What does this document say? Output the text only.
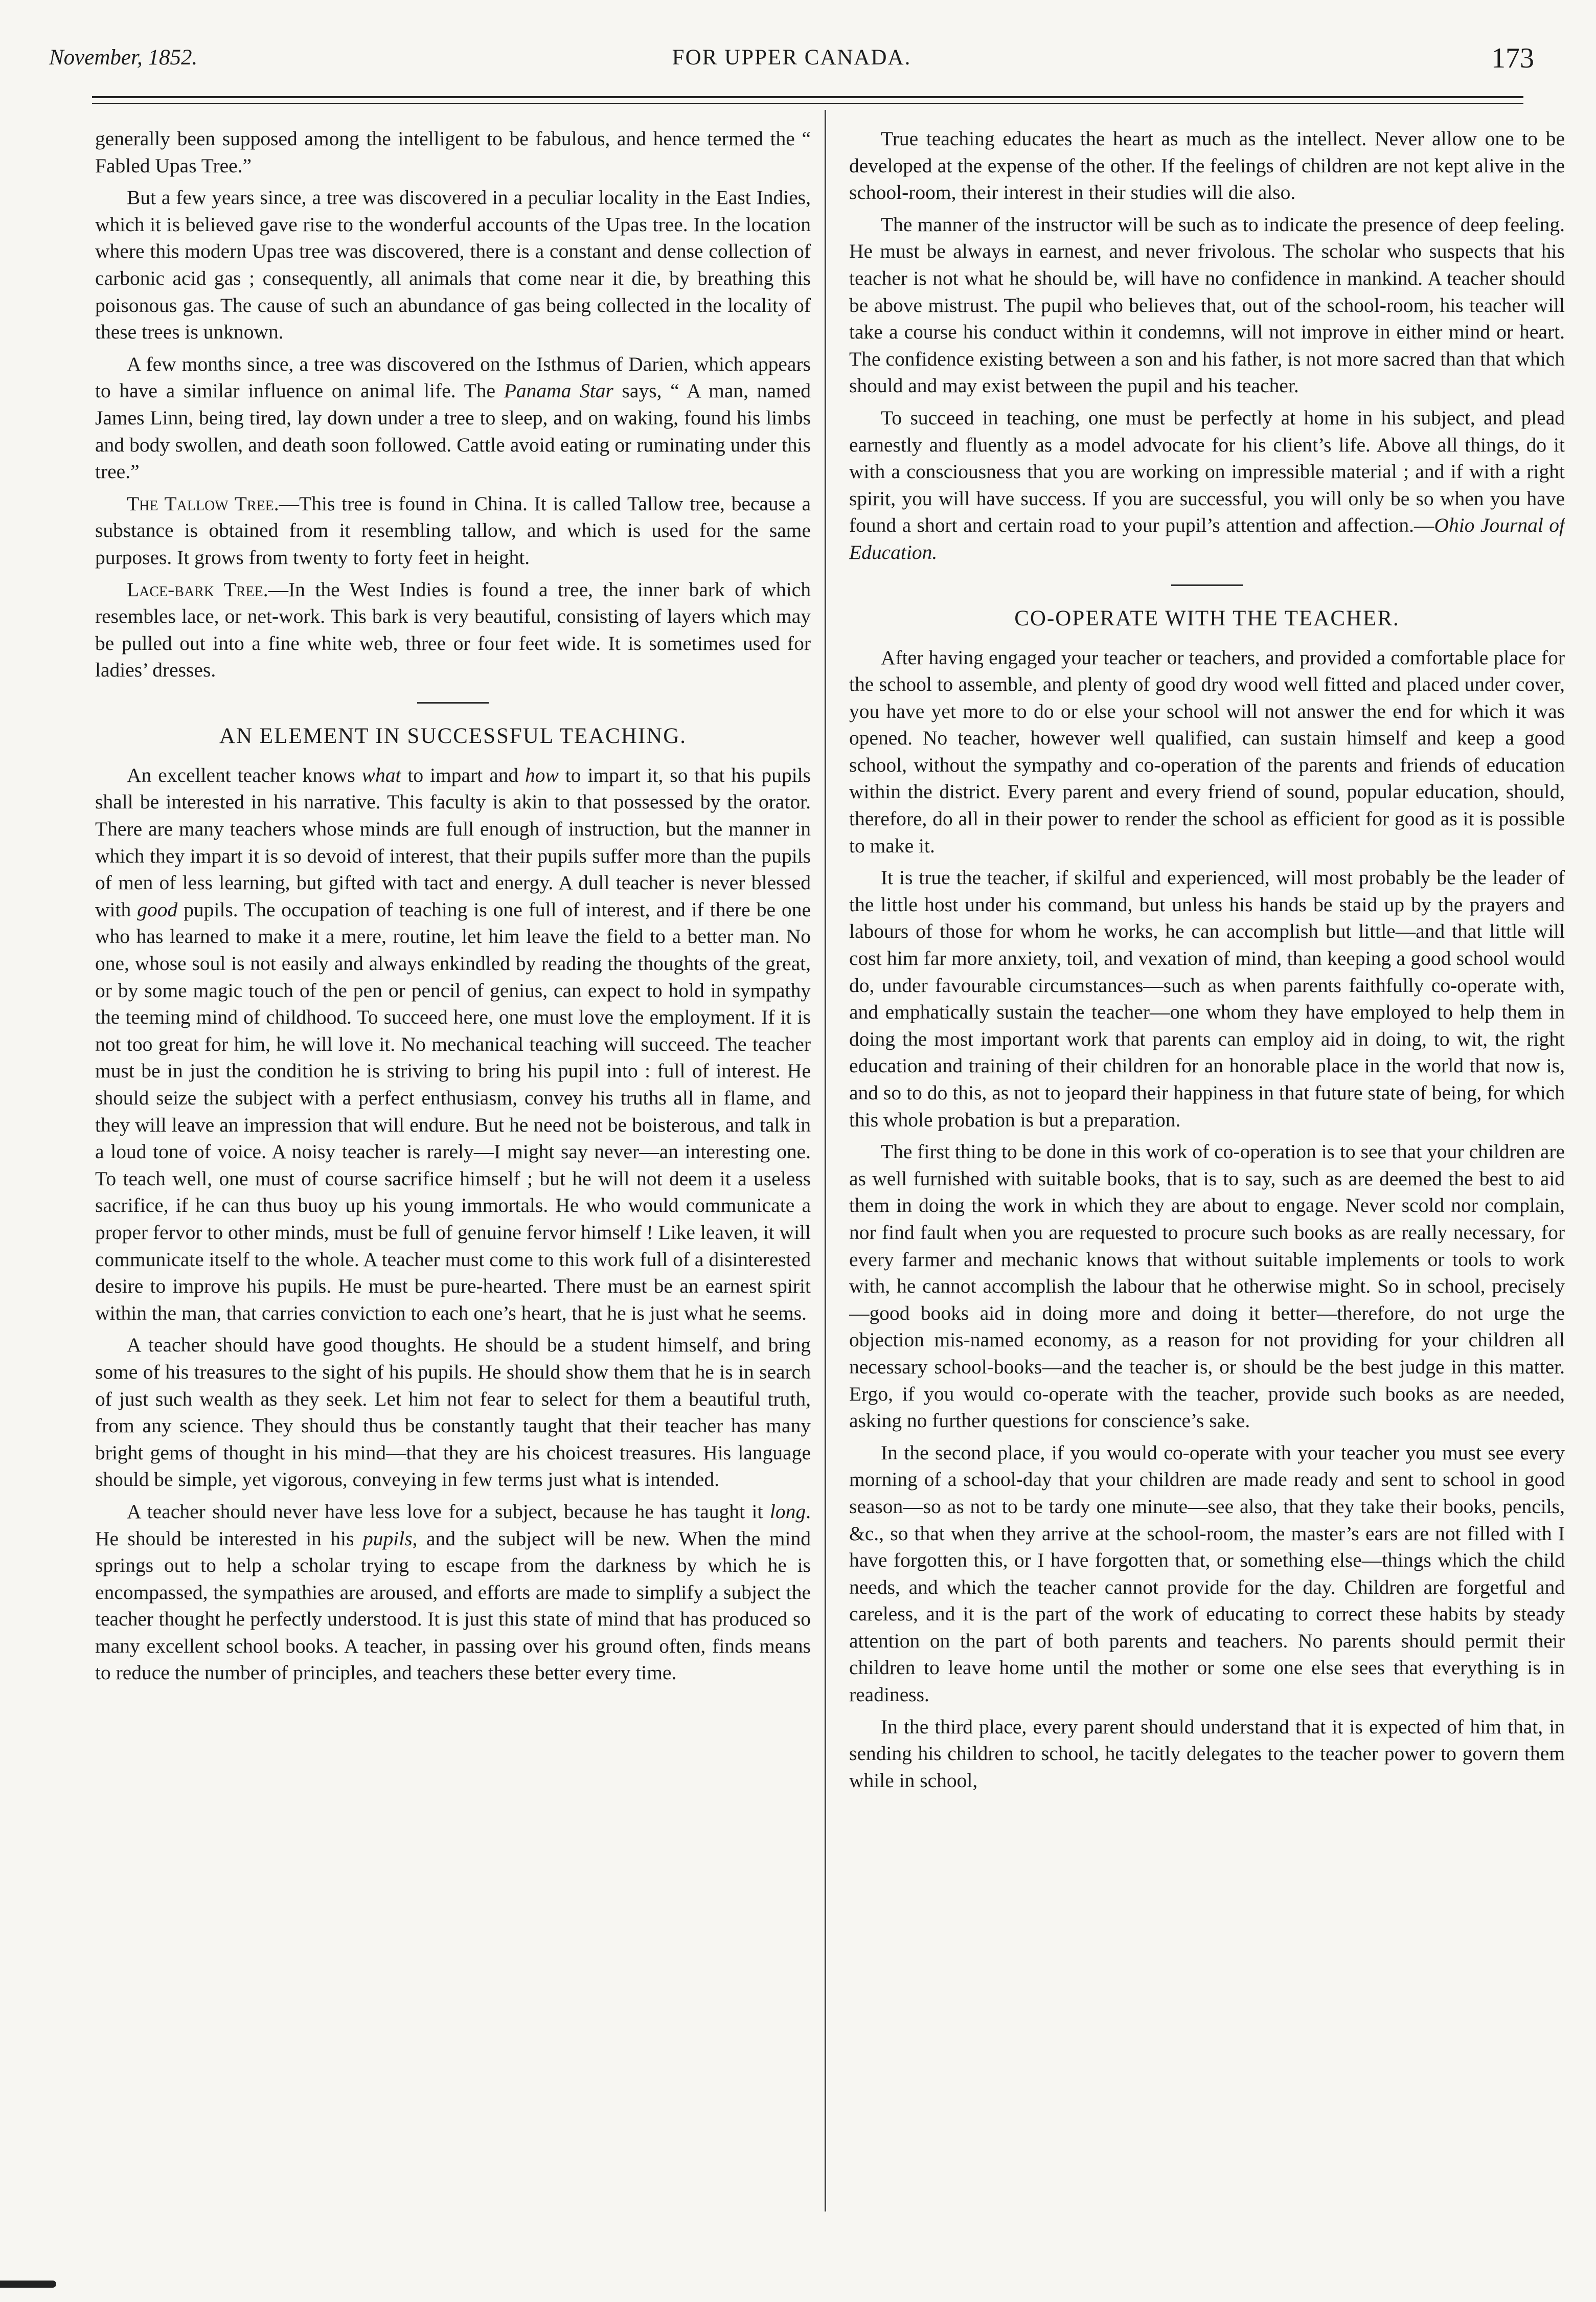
November, 1852.	FOR UPPER CANADA.	173

generally been supposed among the intelligent to be fabulous, and hence termed the “ Fabled Upas Tree.”

But a few years since, a tree was discovered in a peculiar locality in the East Indies, which it is believed gave rise to the wonderful accounts of the Upas tree. In the location where this modern Upas tree was discovered, there is a constant and dense collection of carbonic acid gas ; consequently, all animals that come near it die, by breathing this poisonous gas. The cause of such an abundance of gas being collected in the locality of these trees is unknown.

A few months since, a tree was discovered on the Isthmus of Darien, which appears to have a similar influence on animal life. The Panama Star says, “ A man, named James Linn, being tired, lay down under a tree to sleep, and on waking, found his limbs and body swollen, and death soon followed. Cattle avoid eating or ruminating under this tree.”

The Tallow Tree.—This tree is found in China. It is called Tallow tree, because a substance is obtained from it resembling tallow, and which is used for the same purposes. It grows from twenty to forty feet in height.

Lace-bark Tree.—In the West Indies is found a tree, the inner bark of which resembles lace, or net-work. This bark is very beautiful, consisting of layers which may be pulled out into a fine white web, three or four feet wide. It is sometimes used for ladies’ dresses.

AN ELEMENT IN SUCCESSFUL TEACHING.

An excellent teacher knows what to impart and how to impart it, so that his pupils shall be interested in his narrative. This faculty is akin to that possessed by the orator. There are many teachers whose minds are full enough of instruction, but the manner in which they impart it is so devoid of interest, that their pupils suffer more than the pupils of men of less learning, but gifted with tact and energy. A dull teacher is never blessed with good pupils. The occupation of teaching is one full of interest, and if there be one who has learned to make it a mere, routine, let him leave the field to a better man. No one, whose soul is not easily and always enkindled by reading the thoughts of the great, or by some magic touch of the pen or pencil of genius, can expect to hold in sympathy the teeming mind of childhood. To succeed here, one must love the employment. If it is not too great for him, he will love it. No mechanical teaching will succeed. The teacher must be in just the condition he is striving to bring his pupil into : full of interest. He should seize the subject with a perfect enthusiasm, convey his truths all in flame, and they will leave an impression that will endure. But he need not be boisterous, and talk in a loud tone of voice. A noisy teacher is rarely—I might say never—an interesting one. To teach well, one must of course sacrifice himself ; but he will not deem it a useless sacrifice, if he can thus buoy up his young immortals. He who would communicate a proper fervor to other minds, must be full of genuine fervor himself ! Like leaven, it will communicate itself to the whole. A teacher must come to this work full of a disinterested desire to improve his pupils. He must be pure-hearted. There must be an earnest spirit within the man, that carries conviction to each one’s heart, that he is just what he seems.

A teacher should have good thoughts. He should be a student himself, and bring some of his treasures to the sight of his pupils. He should show them that he is in search of just such wealth as they seek. Let him not fear to select for them a beautiful truth, from any science. They should thus be constantly taught that their teacher has many bright gems of thought in his mind—that they are his choicest treasures. His language should be simple, yet vigorous, conveying in few terms just what is intended.

A teacher should never have less love for a subject, because he has taught it long. He should be interested in his pupils, and the subject will be new. When the mind springs out to help a scholar trying to escape from the darkness by which he is encompassed, the sympathies are aroused, and efforts are made to simplify a subject the teacher thought he perfectly understood. It is just this state of mind that has produced so many excellent school books. A teacher, in passing over his ground often, finds means to reduce the number of principles, and teachers these better every time.

True teaching educates the heart as much as the intellect. Never allow one to be developed at the expense of the other. If the feelings of children are not kept alive in the school-room, their interest in their studies will die also.

The manner of the instructor will be such as to indicate the presence of deep feeling. He must be always in earnest, and never frivolous. The scholar who suspects that his teacher is not what he should be, will have no confidence in mankind. A teacher should be above mistrust. The pupil who believes that, out of the school-room, his teacher will take a course his conduct within it condemns, will not improve in either mind or heart. The confidence existing between a son and his father, is not more sacred than that which should and may exist between the pupil and his teacher.

To succeed in teaching, one must be perfectly at home in his subject, and plead earnestly and fluently as a model advocate for his client’s life. Above all things, do it with a consciousness that you are working on impressible material ; and if with a right spirit, you will have success. If you are successful, you will only be so when you have found a short and certain road to your pupil’s attention and affection.—Ohio Journal of Education.

CO-OPERATE WITH THE TEACHER.

After having engaged your teacher or teachers, and provided a comfortable place for the school to assemble, and plenty of good dry wood well fitted and placed under cover, you have yet more to do or else your school will not answer the end for which it was opened. No teacher, however well qualified, can sustain himself and keep a good school, without the sympathy and co-operation of the parents and friends of education within the district. Every parent and every friend of sound, popular education, should, therefore, do all in their power to render the school as efficient for good as it is possible to make it.

It is true the teacher, if skilful and experienced, will most probably be the leader of the little host under his command, but unless his hands be staid up by the prayers and labours of those for whom he works, he can accomplish but little—and that little will cost him far more anxiety, toil, and vexation of mind, than keeping a good school would do, under favourable circumstances—such as when parents faithfully co-operate with, and emphatically sustain the teacher—one whom they have employed to help them in doing the most important work that parents can employ aid in doing, to wit, the right education and training of their children for an honorable place in the world that now is, and so to do this, as not to jeopard their happiness in that future state of being, for which this whole probation is but a preparation.

The first thing to be done in this work of co-operation is to see that your children are as well furnished with suitable books, that is to say, such as are deemed the best to aid them in doing the work in which they are about to engage. Never scold nor complain, nor find fault when you are requested to procure such books as are really necessary, for every farmer and mechanic knows that without suitable implements or tools to work with, he cannot accomplish the labour that he otherwise might. So in school, precisely —good books aid in doing more and doing it better—therefore, do not urge the objection mis-named economy, as a reason for not providing for your children all necessary school-books—and the teacher is, or should be the best judge in this matter. Ergo, if you would co-operate with the teacher, provide such books as are needed, asking no further questions for conscience’s sake.

In the second place, if you would co-operate with your teacher you must see every morning of a school-day that your children are made ready and sent to school in good season—so as not to be tardy one minute—see also, that they take their books, pencils, &c., so that when they arrive at the school-room, the master’s ears are not filled with I have forgotten this, or I have forgotten that, or something else—things which the child needs, and which the teacher cannot provide for the day. Children are forgetful and careless, and it is the part of the work of educating to correct these habits by steady attention on the part of both parents and teachers. No parents should permit their children to leave home until the mother or some one else sees that everything is in readiness.

In the third place, every parent should understand that it is expected of him that, in sending his children to school, he tacitly delegates to the teacher power to govern them while in school,
